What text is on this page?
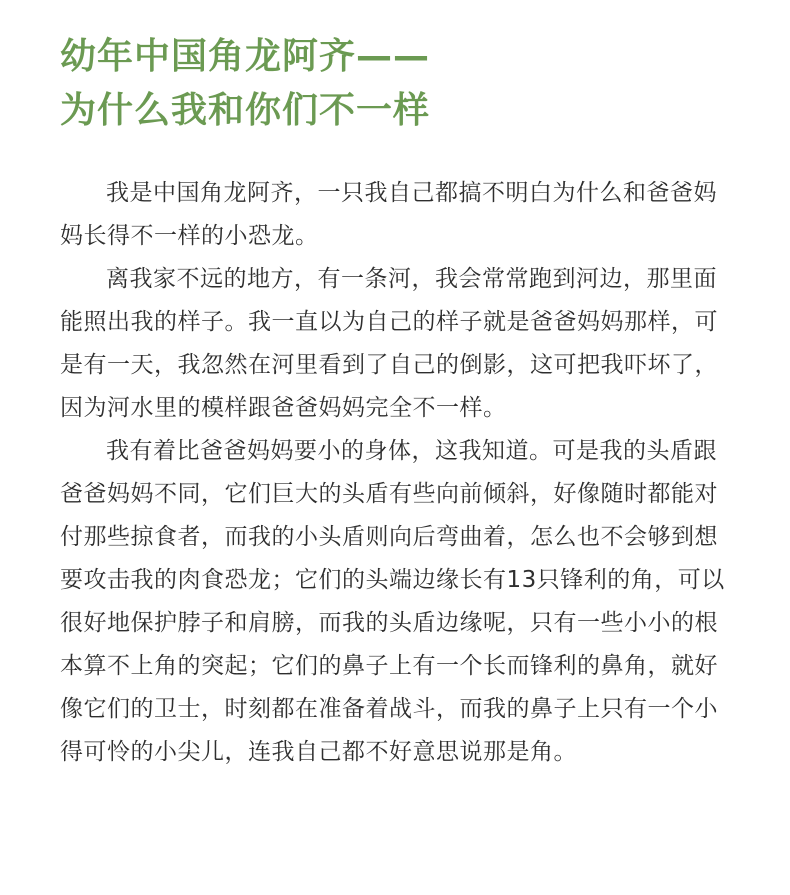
幼年中国角龙阿齐——
为什么我和你们不一样

我是中国角龙阿齐，一只我自己都搞不明白为什么和爸爸妈妈长得不一样的小恐龙。

离我家不远的地方，有一条河，我会常常跑到河边，那里面能照出我的样子。我一直以为自己的样子就是爸爸妈妈那样，可是有一天，我忽然在河里看到了自己的倒影，这可把我吓坏了，因为河水里的模样跟爸爸妈妈完全不一样。

我有着比爸爸妈妈要小的身体，这我知道。可是我的头盾跟爸爸妈妈不同，它们巨大的头盾有些向前倾斜，好像随时都能对付那些掠食者，而我的小头盾则向后弯曲着，怎么也不会够到想要攻击我的肉食恐龙；它们的头端边缘长有13只锋利的角，可以很好地保护脖子和肩膀，而我的头盾边缘呢，只有一些小小的根本算不上角的突起；它们的鼻子上有一个长而锋利的鼻角，就好像它们的卫士，时刻都在准备着战斗，而我的鼻子上只有一个小得可怜的小尖儿，连我自己都不好意思说那是角。
